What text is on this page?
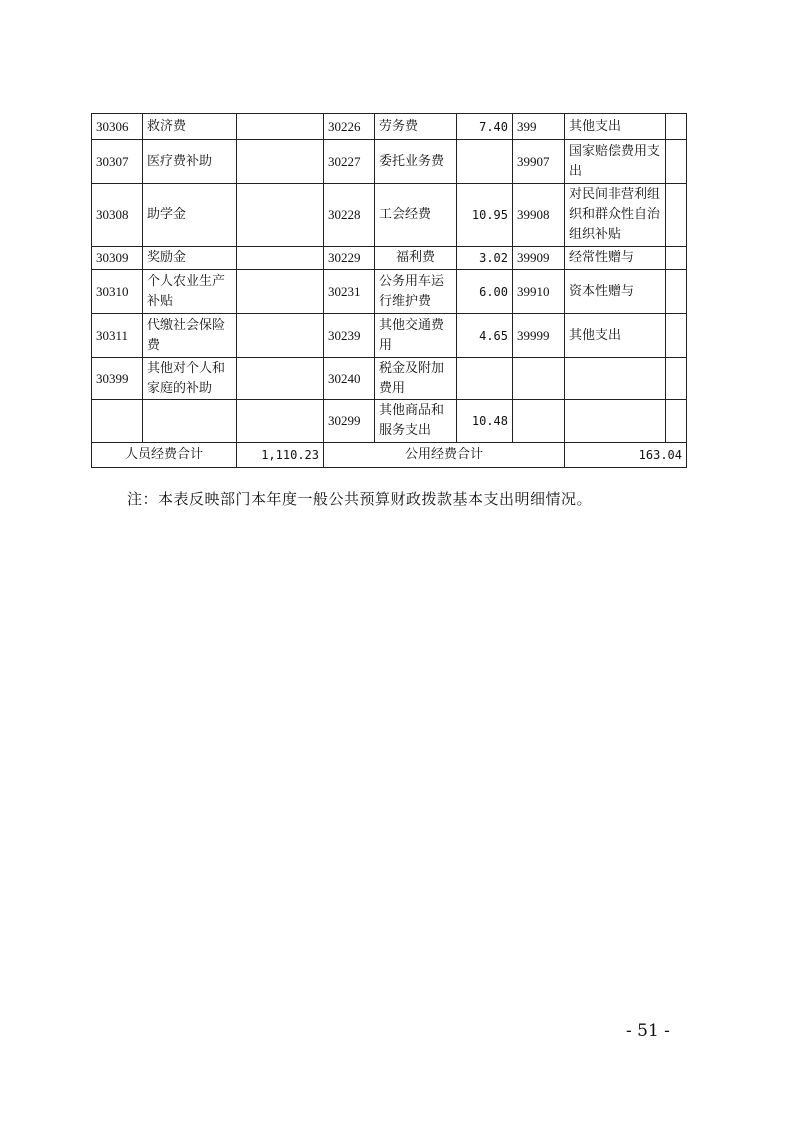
30306	救济费		30226	劳务费	7.40	399	其他支出	
30307	医疗费补助		30227	委托业务费		39907	国家赔偿费用支出	
30308	助学金		30228	工会经费	10.95	39908	对民间非营利组织和群众性自治组织补贴	
30309	奖励金		30229	福利费	3.02	39909	经常性赠与	
30310	个人农业生产补贴		30231	公务用车运行维护费	6.00	39910	资本性赠与	
30311	代缴社会保险费		30239	其他交通费用	4.65	39999	其他支出	
30399	其他对个人和家庭的补助		30240	税金及附加费用				
			30299	其他商品和服务支出	10.48			
人员经费合计		1,110.23	公用经费合计				163.04	
注：本表反映部门本年度一般公共预算财政拨款基本支出明细情况。
- 51 -
